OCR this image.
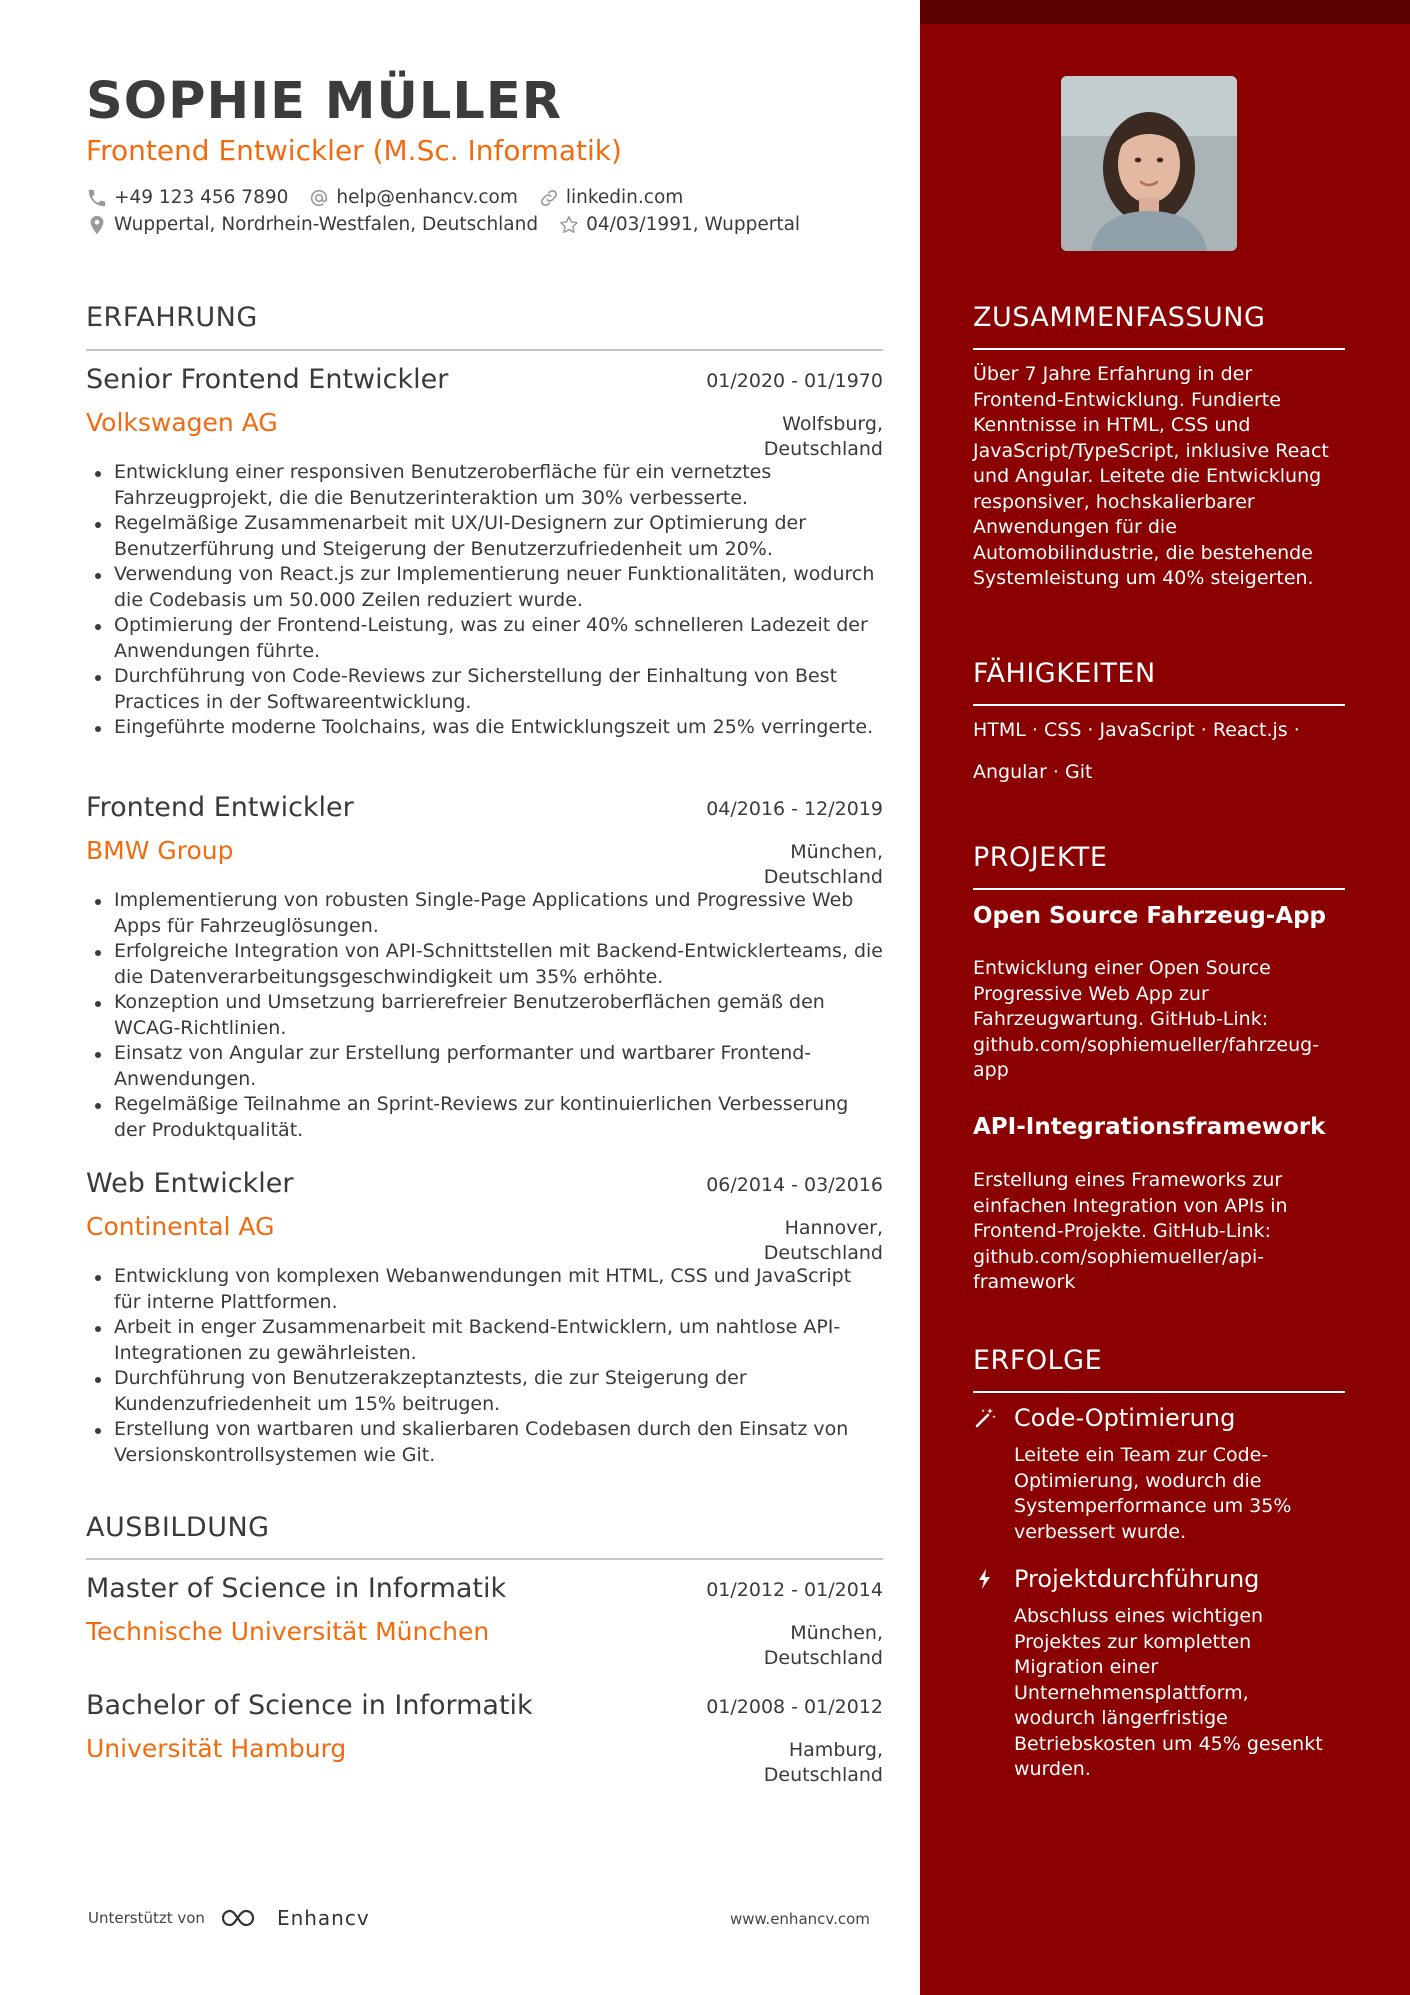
SOPHIE MÜLLER
Frontend Entwickler (M.Sc. Informatik)
+49 123 456 7890	help@enhancv.com	linkedin.com
Wuppertal, Nordrhein-Westfalen, Deutschland	04/03/1991, Wuppertal
ERFAHRUNG
Senior Frontend Entwickler	01/2020 - 01/1970
Volkswagen AG	Wolfsburg, Deutschland
Entwicklung einer responsiven Benutzeroberfläche für ein vernetztes Fahrzeugprojekt, die die Benutzerinteraktion um 30% verbesserte.
Regelmäßige Zusammenarbeit mit UX/UI-Designern zur Optimierung der Benutzerführung und Steigerung der Benutzerzufriedenheit um 20%.
Verwendung von React.js zur Implementierung neuer Funktionalitäten, wodurch die Codebasis um 50.000 Zeilen reduziert wurde.
Optimierung der Frontend-Leistung, was zu einer 40% schnelleren Ladezeit der Anwendungen führte.
Durchführung von Code-Reviews zur Sicherstellung der Einhaltung von Best Practices in der Softwareentwicklung.
Eingeführte moderne Toolchains, was die Entwicklungszeit um 25% verringerte.
Frontend Entwickler	04/2016 - 12/2019
BMW Group	München, Deutschland
Implementierung von robusten Single-Page Applications und Progressive Web Apps für Fahrzeuglösungen.
Erfolgreiche Integration von API-Schnittstellen mit Backend-Entwicklerteams, die die Datenverarbeitungsgeschwindigkeit um 35% erhöhte.
Konzeption und Umsetzung barrierefreier Benutzeroberflächen gemäß den WCAG-Richtlinien.
Einsatz von Angular zur Erstellung performanter und wartbarer Frontend-Anwendungen.
Regelmäßige Teilnahme an Sprint-Reviews zur kontinuierlichen Verbesserung der Produktqualität.
Web Entwickler	06/2014 - 03/2016
Continental AG	Hannover, Deutschland
Entwicklung von komplexen Webanwendungen mit HTML, CSS und JavaScript für interne Plattformen.
Arbeit in enger Zusammenarbeit mit Backend-Entwicklern, um nahtlose API-Integrationen zu gewährleisten.
Durchführung von Benutzerakzeptanztests, die zur Steigerung der Kundenzufriedenheit um 15% beitrugen.
Erstellung von wartbaren und skalierbaren Codebasen durch den Einsatz von Versionskontrollsystemen wie Git.
AUSBILDUNG
Master of Science in Informatik	01/2012 - 01/2014
Technische Universität München	München, Deutschland
Bachelor of Science in Informatik	01/2008 - 01/2012
Universität Hamburg	Hamburg, Deutschland
Unterstützt von	Enhancv	www.enhancv.com
ZUSAMMENFASSUNG
Über 7 Jahre Erfahrung in der Frontend-Entwicklung. Fundierte Kenntnisse in HTML, CSS und JavaScript/TypeScript, inklusive React und Angular. Leitete die Entwicklung responsiver, hochskalierbarer Anwendungen für die Automobilindustrie, die bestehende Systemleistung um 40% steigerten.
FÄHIGKEITEN
HTML · CSS · JavaScript · React.js ·
Angular · Git
PROJEKTE
Open Source Fahrzeug-App
Entwicklung einer Open Source Progressive Web App zur Fahrzeugwartung. GitHub-Link: github.com/sophiemueller/fahrzeug-app
API-Integrationsframework
Erstellung eines Frameworks zur einfachen Integration von APIs in Frontend-Projekte. GitHub-Link: github.com/sophiemueller/api-framework
ERFOLGE
Code-Optimierung
Leitete ein Team zur Code-Optimierung, wodurch die Systemperformance um 35% verbessert wurde.
Projektdurchführung
Abschluss eines wichtigen Projektes zur kompletten Migration einer Unternehmensplattform, wodurch längerfristige Betriebskosten um 45% gesenkt wurden.
